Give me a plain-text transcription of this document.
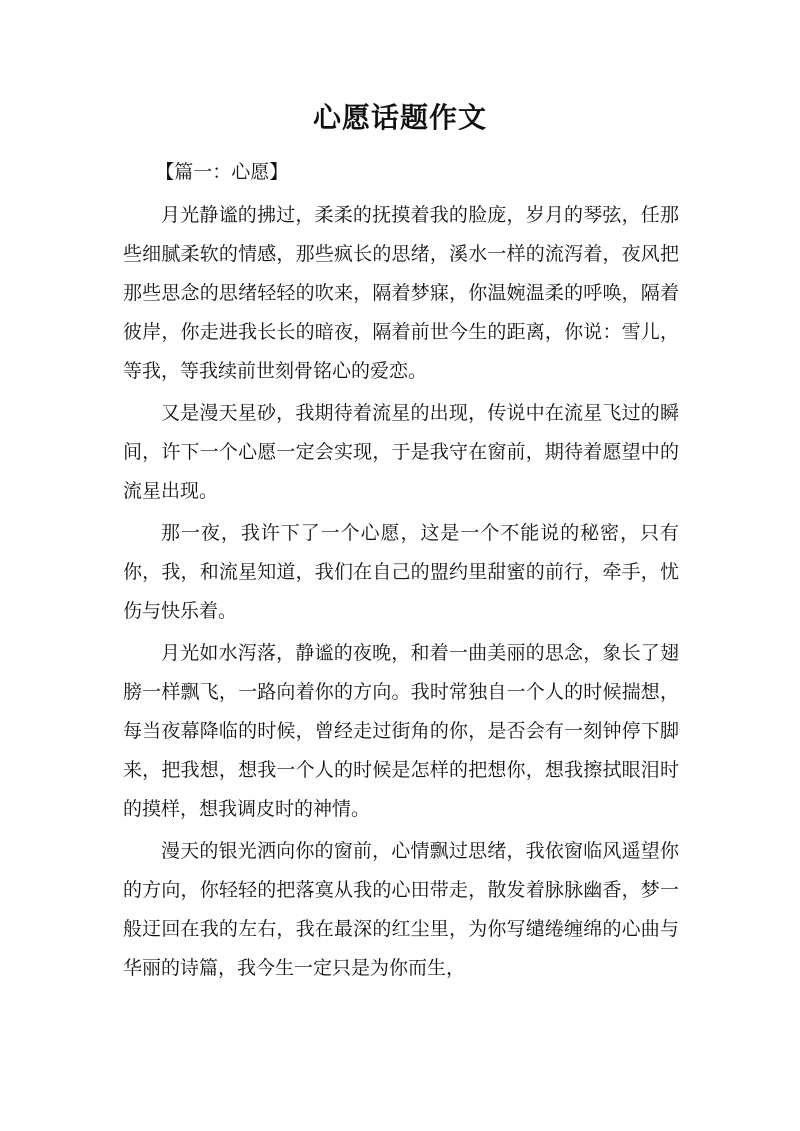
心愿话题作文

【篇一：心愿】

月光静谧的拂过，柔柔的抚摸着我的脸庞，岁月的琴弦，任那些细腻柔软的情感，那些疯长的思绪，溪水一样的流泻着，夜风把那些思念的思绪轻轻的吹来，隔着梦寐，你温婉温柔的呼唤，隔着彼岸，你走进我长长的暗夜，隔着前世今生的距离，你说：雪儿，等我，等我续前世刻骨铭心的爱恋。

又是漫天星砂，我期待着流星的出现，传说中在流星飞过的瞬间，许下一个心愿一定会实现，于是我守在窗前，期待着愿望中的流星出现。

那一夜，我许下了一个心愿，这是一个不能说的秘密，只有你，我，和流星知道，我们在自己的盟约里甜蜜的前行，牵手，忧伤与快乐着。

月光如水泻落，静谧的夜晚，和着一曲美丽的思念，象长了翅膀一样飘飞，一路向着你的方向。我时常独自一个人的时候揣想，每当夜幕降临的时候，曾经走过街角的你，是否会有一刻钟停下脚来，把我想，想我一个人的时候是怎样的把想你，想我擦拭眼泪时的摸样，想我调皮时的神情。

漫天的银光洒向你的窗前，心情飘过思绪，我依窗临风遥望你的方向，你轻轻的把落寞从我的心田带走，散发着脉脉幽香，梦一般迂回在我的左右，我在最深的红尘里，为你写缱绻缠绵的心曲与华丽的诗篇，我今生一定只是为你而生，
